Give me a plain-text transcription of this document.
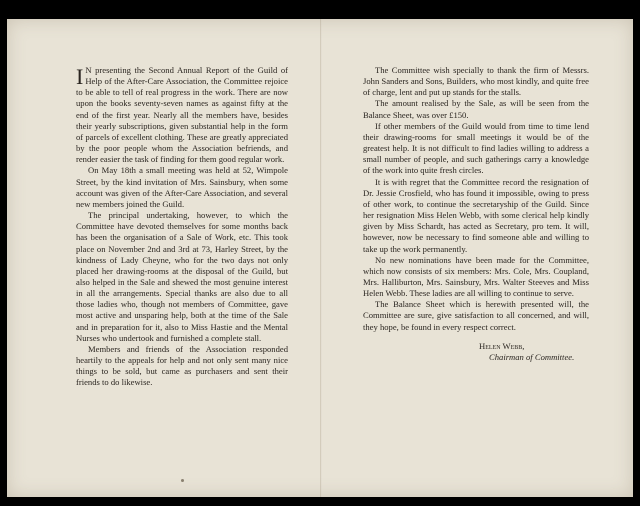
I N presenting the Second Annual Report of the Guild of Help of the After-Care Association, the Committee rejoice to be able to tell of real progress in the work. There are now upon the books seventy-seven names as against fifty at the end of the first year. Nearly all the members have, besides their yearly subscriptions, given substantial help in the form of parcels of excellent clothing. These are greatly appreciated by the poor people whom the Association befriends, and render easier the task of finding for them good regular work.

On May 18th a small meeting was held at 52, Wimpole Street, by the kind invitation of Mrs. Sainsbury, when some account was given of the After-Care Association, and several new members joined the Guild.

The principal undertaking, however, to which the Committee have devoted themselves for some months back has been the organisation of a Sale of Work, etc. This took place on November 2nd and 3rd at 73, Harley Street, by the kindness of Lady Cheyne, who for the two days not only placed her drawing-rooms at the disposal of the Guild, but also helped in the Sale and shewed the most genuine interest in all the arrangements. Special thanks are also due to all those ladies who, though not members of Committee, gave most active and unsparing help, both at the time of the Sale and in preparation for it, also to Miss Hastie and the Mental Nurses who undertook and furnished a complete stall.

Members and friends of the Association responded heartily to the appeals for help and not only sent many nice things to be sold, but came as purchasers and sent their friends to do likewise.

The Committee wish specially to thank the firm of Messrs. John Sanders and Sons, Builders, who most kindly, and quite free of charge, lent and put up stands for the stalls.

The amount realised by the Sale, as will be seen from the Balance Sheet, was over £150.

If other members of the Guild would from time to time lend their drawing-rooms for small meetings it would be of the greatest help. It is not difficult to find ladies willing to address a small number of people, and such gatherings carry a knowledge of the work into quite fresh circles.

It is with regret that the Committee record the resignation of Dr. Jessie Crosfield, who has found it impossible, owing to press of other work, to continue the secretaryship of the Guild. Since her resignation Miss Helen Webb, with some clerical help kindly given by Miss Schardt, has acted as Secretary, pro tem. It will, however, now be necessary to find someone able and willing to take up the work permanently.

No new nominations have been made for the Committee, which now consists of six members: Mrs. Cole, Mrs. Coupland, Mrs. Halliburton, Mrs. Sainsbury, Mrs. Walter Steeves and Miss Helen Webb. These ladies are all willing to continue to serve.

The Balance Sheet which is herewith presented will, the Committee are sure, give satisfaction to all concerned, and will, they hope, be found in every respect correct.

Helen Webb,
Chairman of Committee.
